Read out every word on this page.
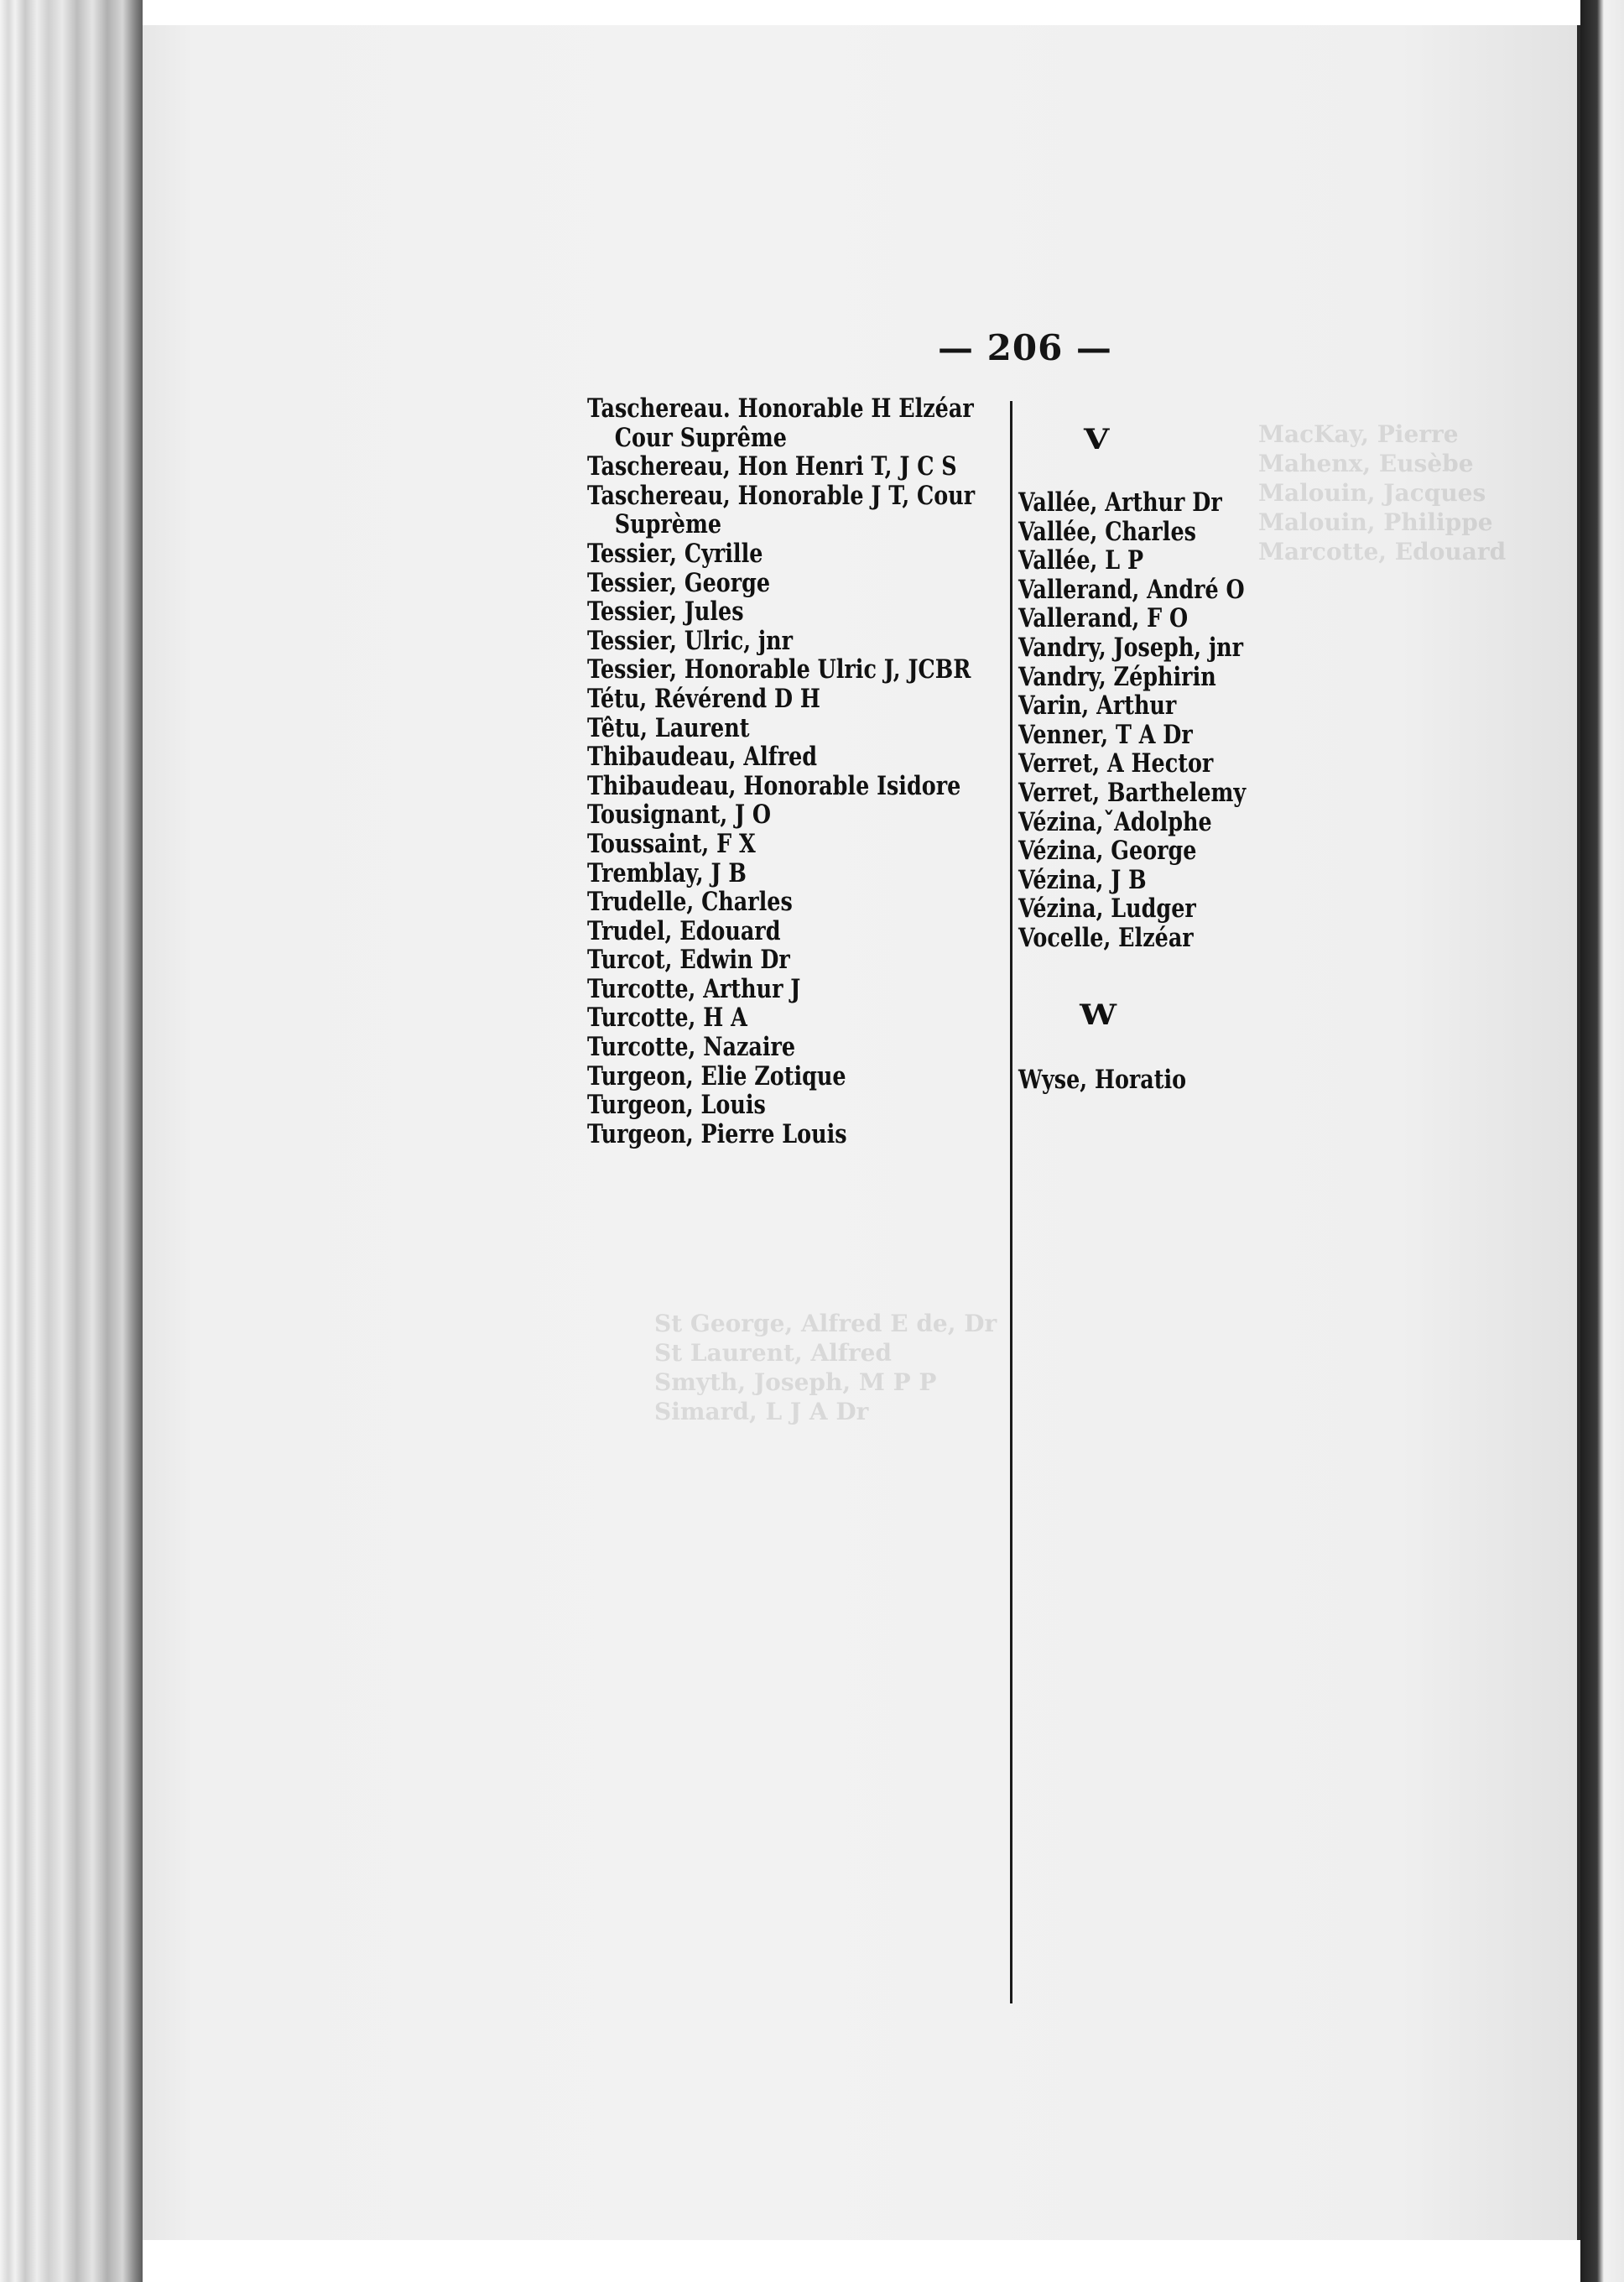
MacKay, Pierre
Mahenx, Eusèbe
Malouin, Jacques
Malouin, Philippe
Marcotte, Edouard
St George, Alfred E de, Dr
St Laurent, Alfred
Smyth, Joseph, M P P
Simard, L J A Dr
— 206 —
Taschereau. Honorable H Elzéar
Cour Suprême
Taschereau, Hon Henri T, J C S
Taschereau, Honorable J T, Cour
Suprème
Tessier, Cyrille
Tessier, George
Tessier, Jules
Tessier, Ulric, jnr
Tessier, Honorable Ulric J, JCBR
Tétu, Révérend D H
Têtu, Laurent
Thibaudeau, Alfred
Thibaudeau, Honorable Isidore
Tousignant, J O
Toussaint, F X
Tremblay, J B
Trudelle, Charles
Trudel, Edouard
Turcot, Edwin Dr
Turcotte, Arthur J
Turcotte, H A
Turcotte, Nazaire
Turgeon, Elie Zotique
Turgeon, Louis
Turgeon, Pierre Louis
V
W
Vallée, Arthur Dr
Vallée, Charles
Vallée, L P
Vallerand, André O
Vallerand, F O
Vandry, Joseph, jnr
Vandry, Zéphirin
Varin, Arthur
Venner, T A Dr
Verret, A Hector
Verret, Barthelemy
Vézina,ˇAdolphe
Vézina, George
Vézina, J B
Vézina, Ludger
Vocelle, Elzéar
Wyse, Horatio
